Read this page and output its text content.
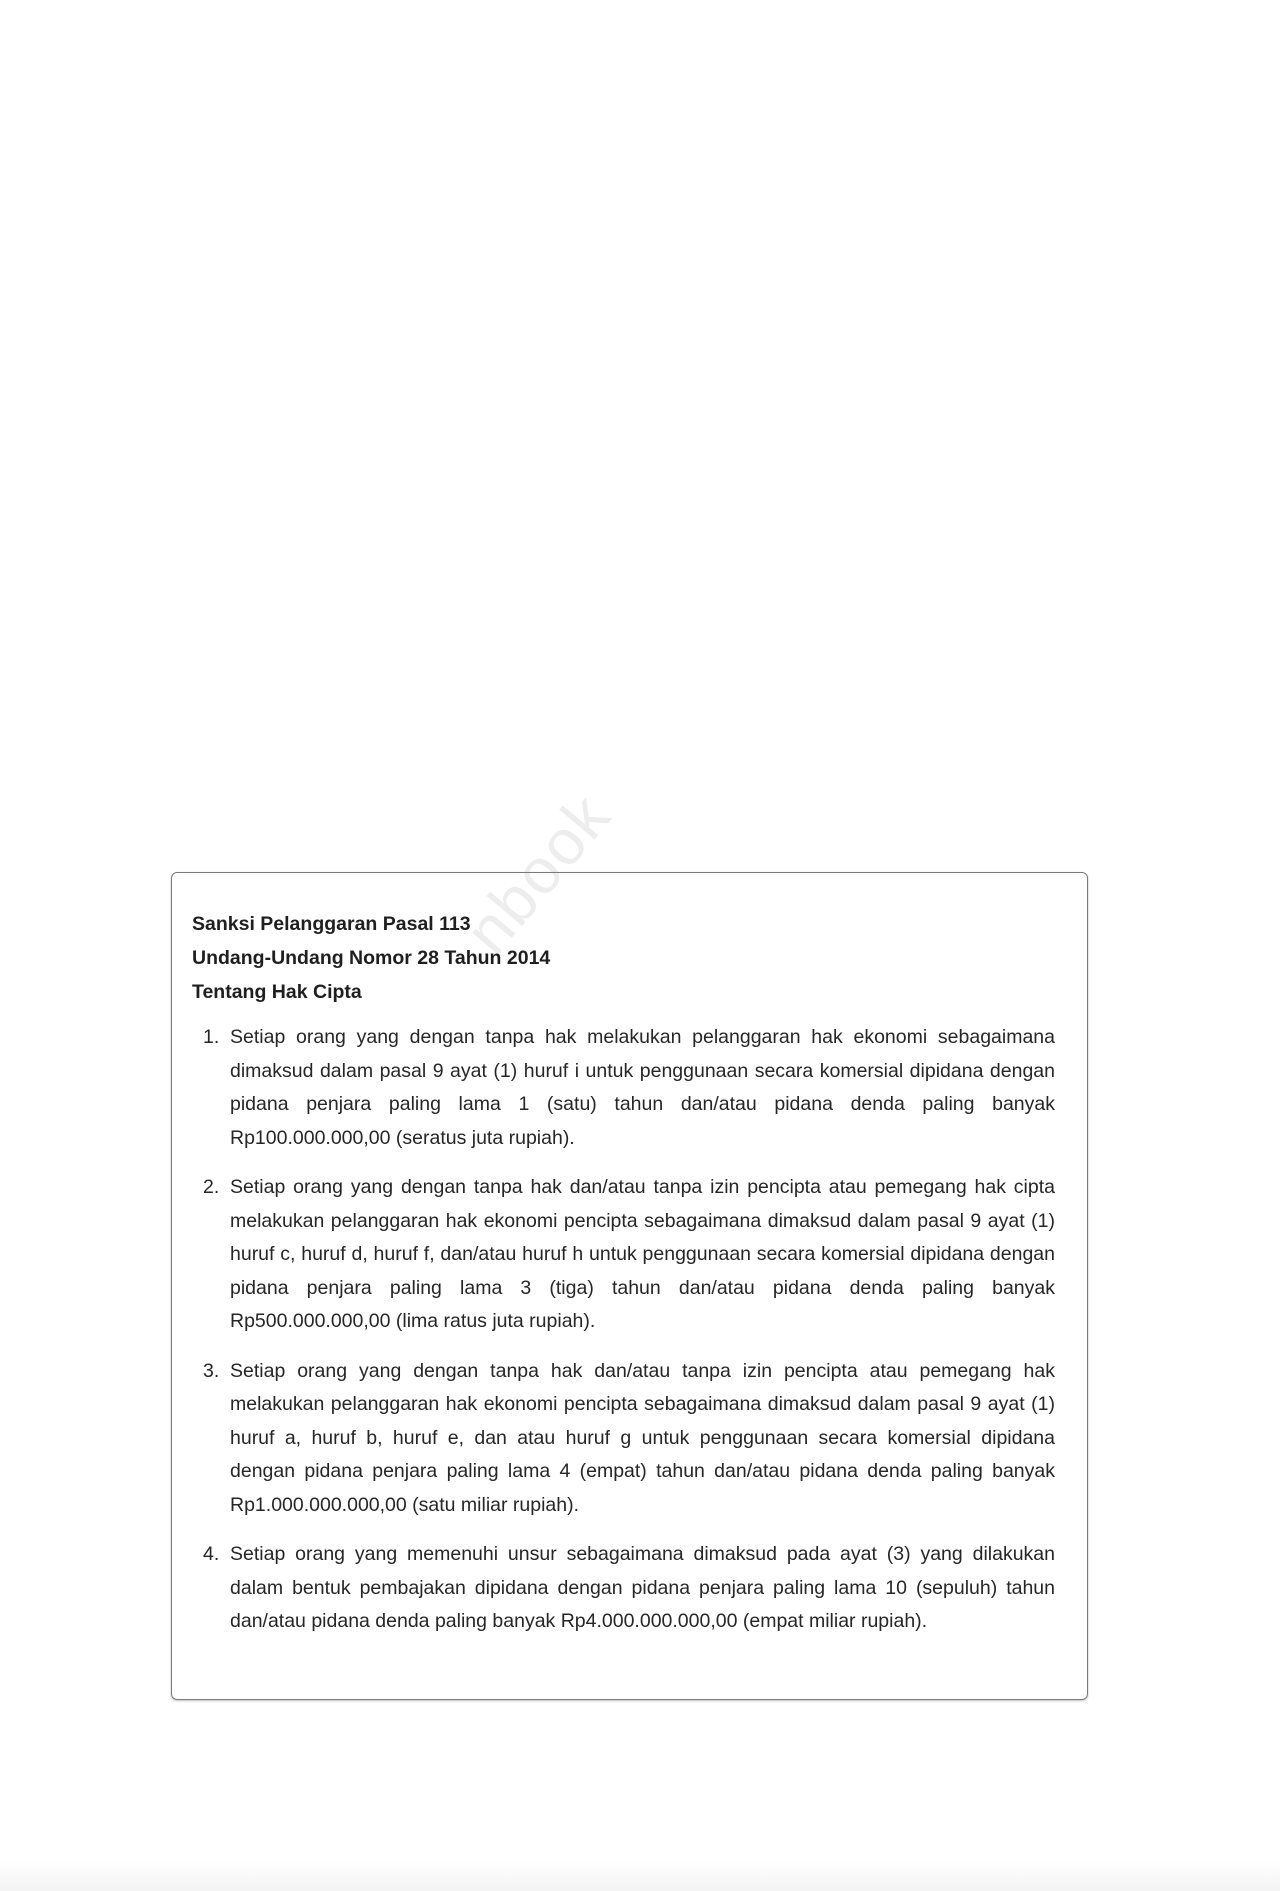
nbook

Sanksi Pelanggaran Pasal 113

Undang-Undang Nomor 28 Tahun 2014

Tentang Hak Cipta

1. Setiap orang yang dengan tanpa hak melakukan pelanggaran hak ekonomi sebagaimana dimaksud dalam pasal 9 ayat (1) huruf i untuk penggunaan secara komersial dipidana dengan pidana penjara paling lama 1 (satu) tahun dan/atau pidana denda paling banyak Rp100.000.000,00 (seratus juta rupiah).
2. Setiap orang yang dengan tanpa hak dan/atau tanpa izin pencipta atau pemegang hak cipta melakukan pelanggaran hak ekonomi pencipta sebagaimana dimaksud dalam pasal 9 ayat (1) huruf c, huruf d, huruf f, dan/atau huruf h untuk penggunaan secara komersial dipidana dengan pidana penjara paling lama 3 (tiga) tahun dan/atau pidana denda paling banyak Rp500.000.000,00 (lima ratus juta rupiah).
3. Setiap orang yang dengan tanpa hak dan/atau tanpa izin pencipta atau pemegang hak melakukan pelanggaran hak ekonomi pencipta sebagaimana dimaksud dalam pasal 9 ayat (1) huruf a, huruf b, huruf e, dan atau huruf g untuk penggunaan secara komersial dipidana dengan pidana penjara paling lama 4 (empat) tahun dan/atau pidana denda paling banyak Rp1.000.000.000,00 (satu miliar rupiah).
4. Setiap orang yang memenuhi unsur sebagaimana dimaksud pada ayat (3) yang dilakukan dalam bentuk pembajakan dipidana dengan pidana penjara paling lama 10 (sepuluh) tahun dan/atau pidana denda paling banyak Rp4.000.000.000,00 (empat miliar rupiah).
